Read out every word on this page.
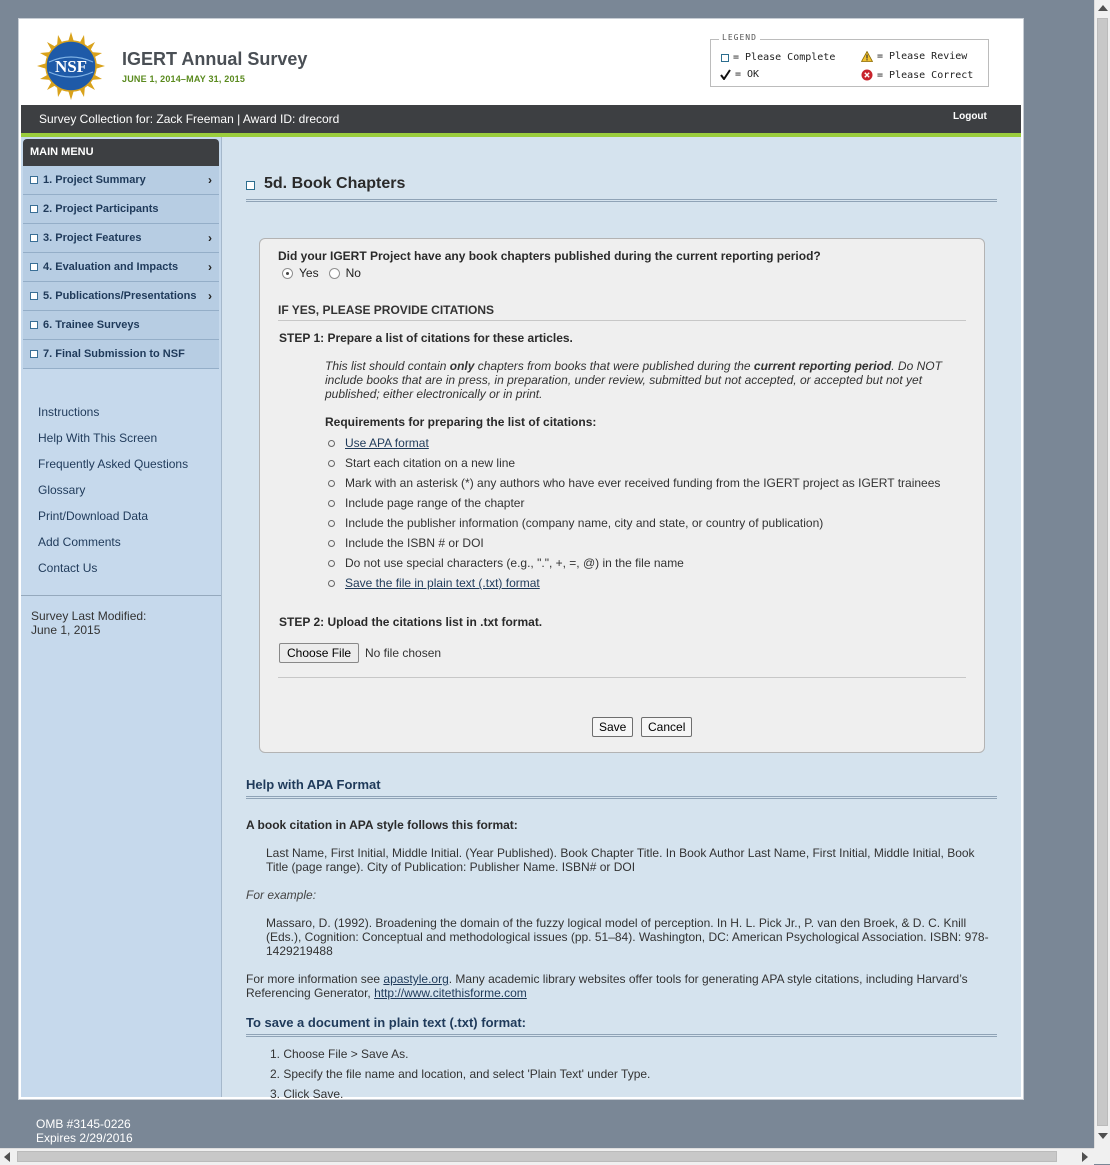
NSF IGERT Annual Survey
JUNE 1, 2014–MAY 31, 2015
LEGEND
= Please Complete	= Please Review
= OK	= Please Correct
Survey Collection for: Zack Freeman | Award ID: drecord	Logout
MAIN MENU
1. Project Summary	›
2. Project Participants
3. Project Features	›
4. Evaluation and Impacts ›
5. Publications/Presentations ›
6. Trainee Surveys
7. Final Submission to NSF
Instructions
Help With This Screen
Frequently Asked Questions
Glossary
Print/Download Data
Add Comments
Contact Us
Survey Last Modified:
June 1, 2015
5d. Book Chapters
Did your IGERT Project have any book chapters published during the current reporting period?
Yes No
IF YES, PLEASE PROVIDE CITATIONS
STEP 1: Prepare a list of citations for these articles.
This list should contain only chapters from books that were published during the current reporting period. Do NOT include books that are in press, in preparation, under review, submitted but not accepted, or accepted but not yet published; either electronically or in print.
Requirements for preparing the list of citations:
Use APA format
Start each citation on a new line
Mark with an asterisk (*) any authors who have ever received funding from the IGERT project as IGERT trainees
Include page range of the chapter
Include the publisher information (company name, city and state, or country of publication)
Include the ISBN # or DOI
Do not use special characters (e.g., ".", +, =, @) in the file name
Save the file in plain text (.txt) format
STEP 2: Upload the citations list in .txt format.
Choose File	No file chosen
Save	Cancel
Help with APA Format
A book citation in APA style follows this format:
Last Name, First Initial, Middle Initial. (Year Published). Book Chapter Title. In Book Author Last Name, First Initial, Middle Initial, Book Title (page range). City of Publication: Publisher Name. ISBN# or DOI
For example:
Massaro, D. (1992). Broadening the domain of the fuzzy logical model of perception. In H. L. Pick Jr., P. van den Broek, & D. C. Knill (Eds.), Cognition: Conceptual and methodological issues (pp. 51–84). Washington, DC: American Psychological Association. ISBN: 978-1429219488
For more information see apastyle.org. Many academic library websites offer tools for generating APA style citations, including Harvard’s Referencing Generator, http://www.citethisforme.com
To save a document in plain text (.txt) format:
1. Choose File > Save As.
2. Specify the file name and location, and select 'Plain Text' under Type.
3. Click Save.
OMB #3145-0226
Expires 2/29/2016
